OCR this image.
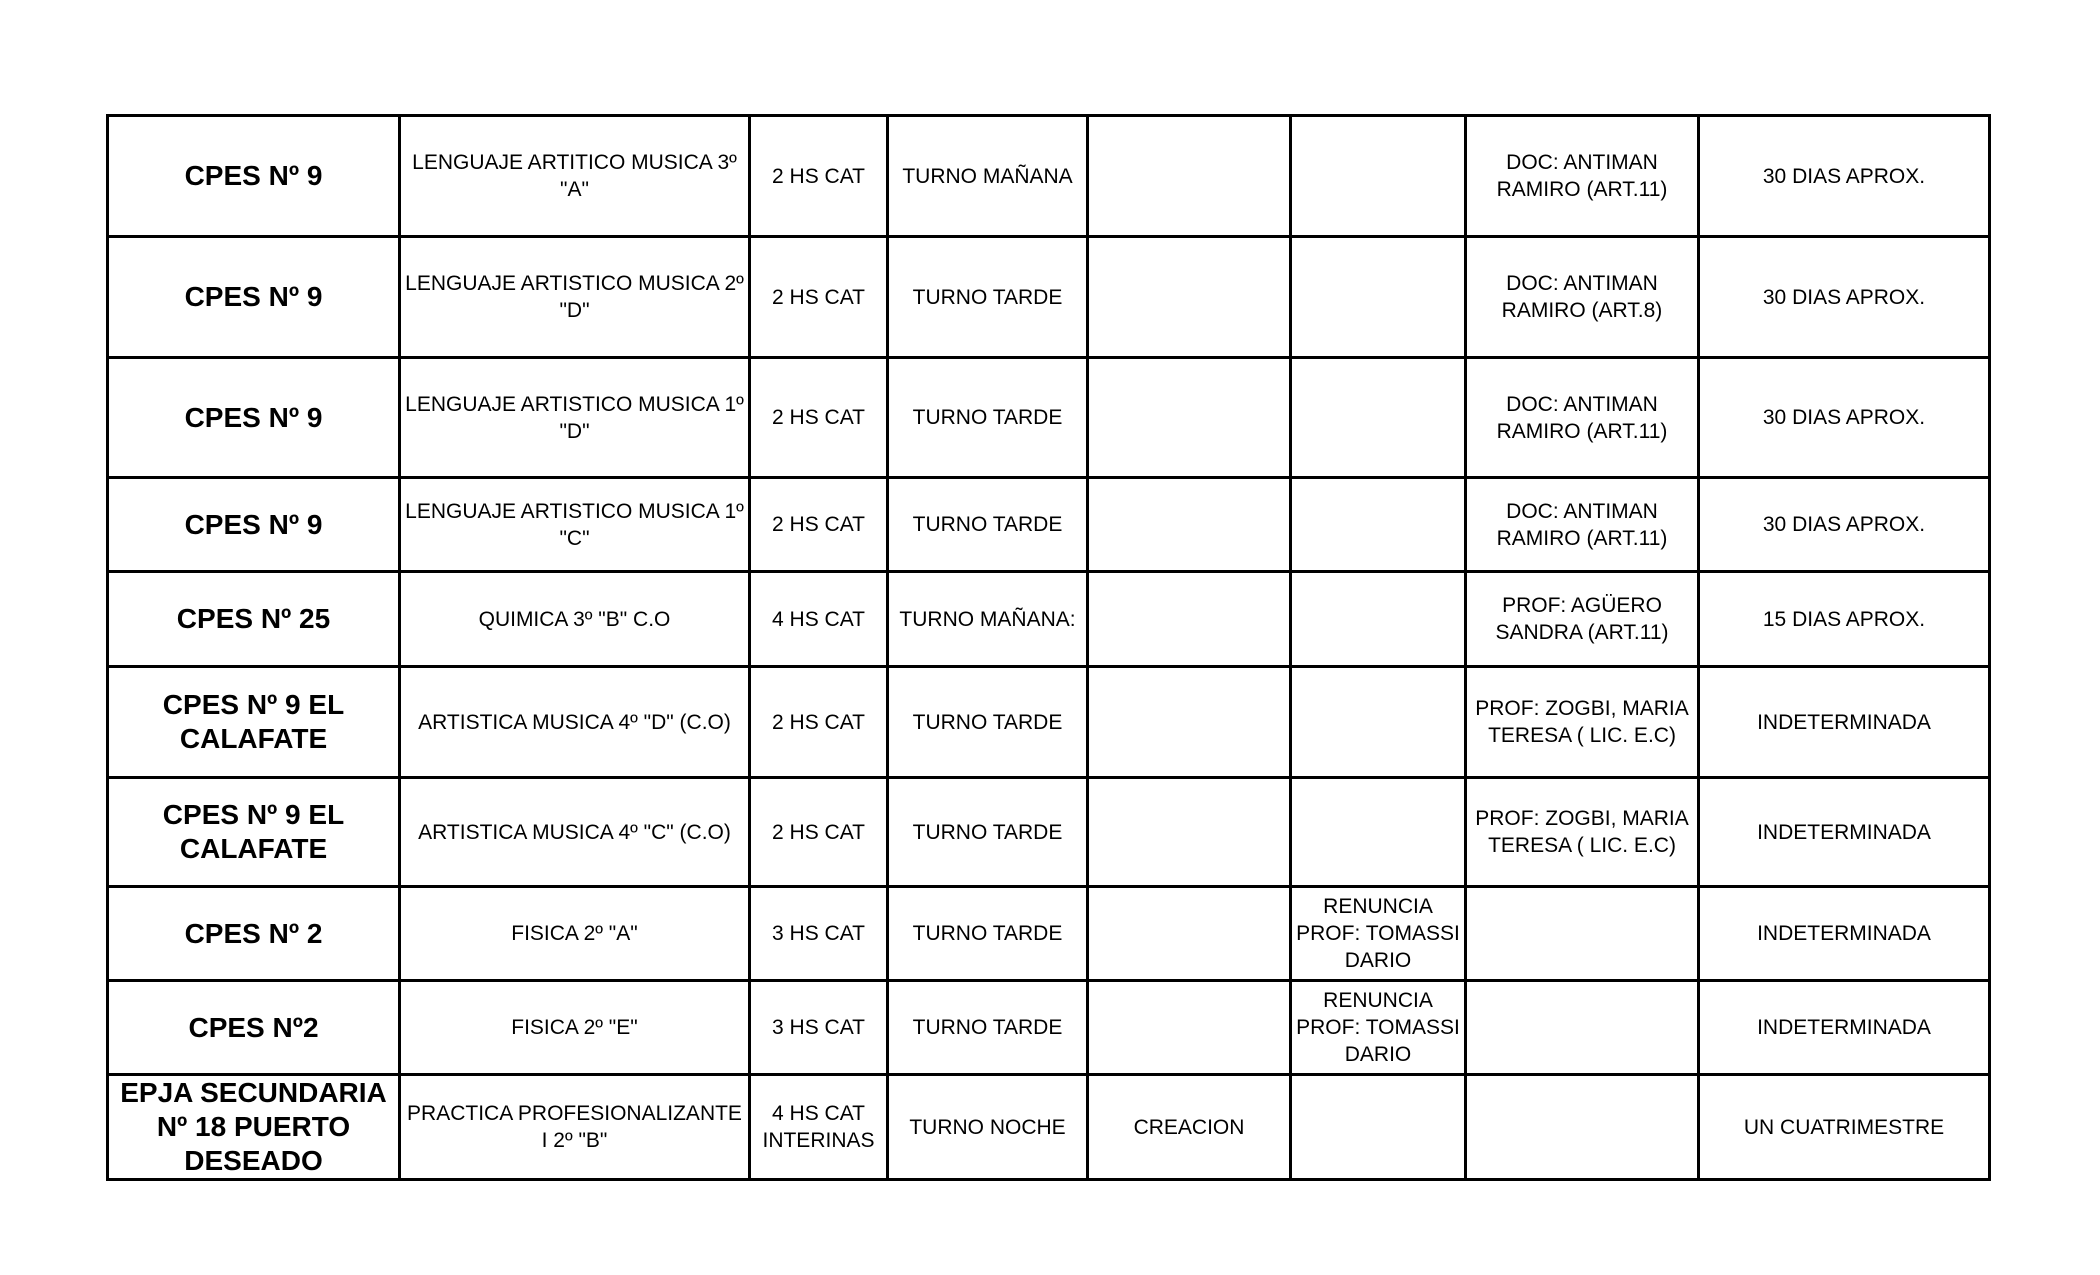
CPES Nº 9	LENGUAJE ARTITICO MUSICA 3º "A"	2 HS CAT	TURNO MAÑANA			DOC: ANTIMAN RAMIRO (ART.11)	30 DIAS APROX.
CPES Nº 9	LENGUAJE ARTISTICO MUSICA 2º "D"	2 HS CAT	TURNO TARDE			DOC: ANTIMAN RAMIRO (ART.8)	30 DIAS APROX.
CPES Nº 9	LENGUAJE ARTISTICO MUSICA 1º "D"	2 HS CAT	TURNO TARDE			DOC: ANTIMAN RAMIRO (ART.11)	30 DIAS APROX.
CPES Nº 9	LENGUAJE ARTISTICO MUSICA 1º "C"	2 HS CAT	TURNO TARDE			DOC: ANTIMAN RAMIRO (ART.11)	30 DIAS APROX.
CPES Nº 25	QUIMICA 3º "B" C.O	4 HS CAT	TURNO MAÑANA:			PROF: AGÜERO SANDRA (ART.11)	15 DIAS APROX.
CPES Nº 9 EL CALAFATE	ARTISTICA MUSICA 4º "D" (C.O)	2 HS CAT	TURNO TARDE			PROF: ZOGBI, MARIA TERESA ( LIC. E.C)	INDETERMINADA
CPES Nº 9 EL CALAFATE	ARTISTICA MUSICA 4º "C" (C.O)	2 HS CAT	TURNO TARDE			PROF: ZOGBI, MARIA TERESA ( LIC. E.C)	INDETERMINADA
CPES Nº 2	FISICA 2º "A"	3 HS CAT	TURNO TARDE		RENUNCIA PROF: TOMASSI DARIO		INDETERMINADA
CPES Nº2	FISICA 2º "E"	3 HS CAT	TURNO TARDE		RENUNCIA PROF: TOMASSI DARIO		INDETERMINADA
EPJA SECUNDARIA Nº 18 PUERTO DESEADO	PRACTICA PROFESIONALIZANTE I 2º "B"	4 HS CAT INTERINAS	TURNO NOCHE	CREACION			UN CUATRIMESTRE
